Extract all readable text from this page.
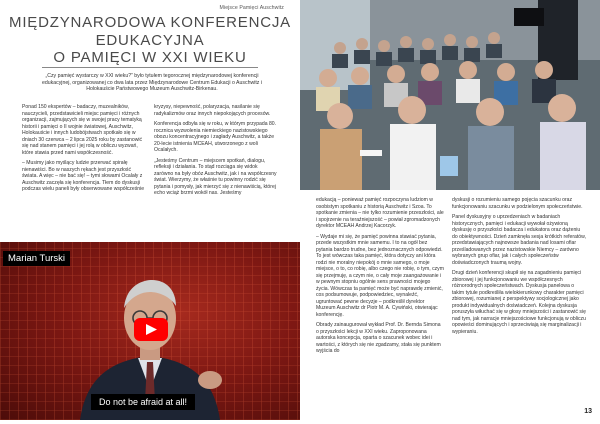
Miejsce Pamięci Auschwitz
MIĘDZYNARODOWA KONFERENCJA
EDUKACYJNA
O PAMIĘCI W XXI WIEKU

„Czy pamięć wystarczy w XXI wieku?” było tytułem tegorocznej międzynarodowej konferencji edukacyjnej, organizowanej co dwa lata przez Międzynarodowe Centrum Edukacji o Auschwitz i Holokauście Państwowego Muzeum Auschwitz-Birkenau.

Ponad 150 ekspertów – badaczy, muzealników, nauczycieli, przedstawicieli miejsc pamięci i różnych organizacji, zajmujących się w swojej pracy tematyką historii i pamięci o II wojnie światowej, Auschwitz, Holokauście i innych ludobójstwach spotkało się w dniach 30 czerwca – 2 lipca 2025 roku by zastanowić się nad stanem pamięci i jej rolą w obliczu wyzwań, które stawia przed nami współczesność.

– Musimy jako myślący ludzie przerwać spirałę nienawiści. Bo w naszych rękach jest przyszłość świata. A więc – nie bać się! – tymi słowami Ocalały z Auschwitz zaczęła się konferencja. Tłem do dyskusji podczas wielu paneli były obserwowane współcześnie

kryzysy, niepewność, polaryzacja, nasilanie się radykalizmów oraz innych niepokojących procesów.

Konferencja odbyła się w roku, w którym przypada 80. rocznica wyzwolenia niemieckiego nazistowskiego obozu koncentracyjnego i zagłady Auschwitz, a także 20-lecie istnienia MCEAH, utworzonego z woli Ocalałych.

„Jesteśmy Centrum – miejscem spotkań, dialogu, refleksji i działania. To stąd rozciąga się widok zarówno na były obóz Auschwitz, jak i na współczesny świat. Wierzymy, że właśnie tu powinny rodzić się pytania i pomysły, jak mierzyć się z nienawiścią, której echo wciąż brzmi wokół nas. Jesteśmy

Marian Turski
Do not be afraid at all!

edukacją – ponieważ pamięć rozpoczyna ludziom w osobistym spotkaniu z historią Auschwitz i Szoa. To spotkanie zmienia – nie tylko rozumienie przeszłości, ale i spojrzenie na teraźniejszość – powiał zgromadzonych dyrektor MCEAH Andrzej Kacorzyk.

– Wydaje mi się, że pamięć powinna stawiać pytania, przede wszystkim mnie samemu. I to na ogół bez pytania bardzo trudne, bez jednoznacznych odpowiedzi. To jest wówczas taka pamięć, która dotyczy ani która rodzi nie moralny niepokój o mnie samego, o moje miejsce, o to, co robię, albo czego nie robię, o tym, czym się przejmuję, a czym nie, o cały moje zaangażowanie i w pewnym stopniu ogólnie sens prawności mojego życia. Wówczas ta pamięć może być naprawdę zmienić, cos podsumowuje, podpowiedziec, wynaleźć, ugruntować pewne decyzje – podkreślił dyrektor Muzeum Auschwitz dr Piotr M. A. Cywiński, otwierając konferencję.

Obrady zainaugurował wykład Prof. Dr. Bernda Simona o przyszłości lekcji w XXI wieku. Zaproponowana autorska koncepcja, oparta o szacunek wobec idei i wartości, z których się nie zgadzamy, stała się punktem wyjścia do

dyskusji o rozumieniu samego pojęcia szacunku oraz funkcjonowaniu szacunku w podzielonym społeczeństwie.

Panel dyskusyjny o uprzedzeniach w badaniach historycznych, pamięci i edukacji wywołał ożywioną dyskusję o przyszłości badacza i edukatora oraz dążeniu do obiektywności. Dzień zamknęła sesja krótkich referatów, przedstawiających najnowsze badania nad losami ofiar prześladowanych przez nazistowskie Niemcy – zarówno wybranych grup ofiar, jak i całych społeczeństw doświadczonych traumą wojny.

Drugi dzień konferencji skupił się na zagadnieniu pamięci zbiorowej i jej funkcjonowaniu we współczesnych różnorodnych społeczeństwach. Dyskusja panelowa o takim tytule podkreśliła wielokierunkowy charakter pamięci zbiorowej, rozumianej z perspektywy socjologicznej jako produkt indywidualnych doświadczeń. Kolejna dyskusja poruszyła wiłuchać się w głosy mniejszości i zastanowić się nad tym, jak narracje mniejszościowe funkcjonują w obliczu opowieści dominujących i sprzeciwiają się marginalizacji i wypieraniu.

13
